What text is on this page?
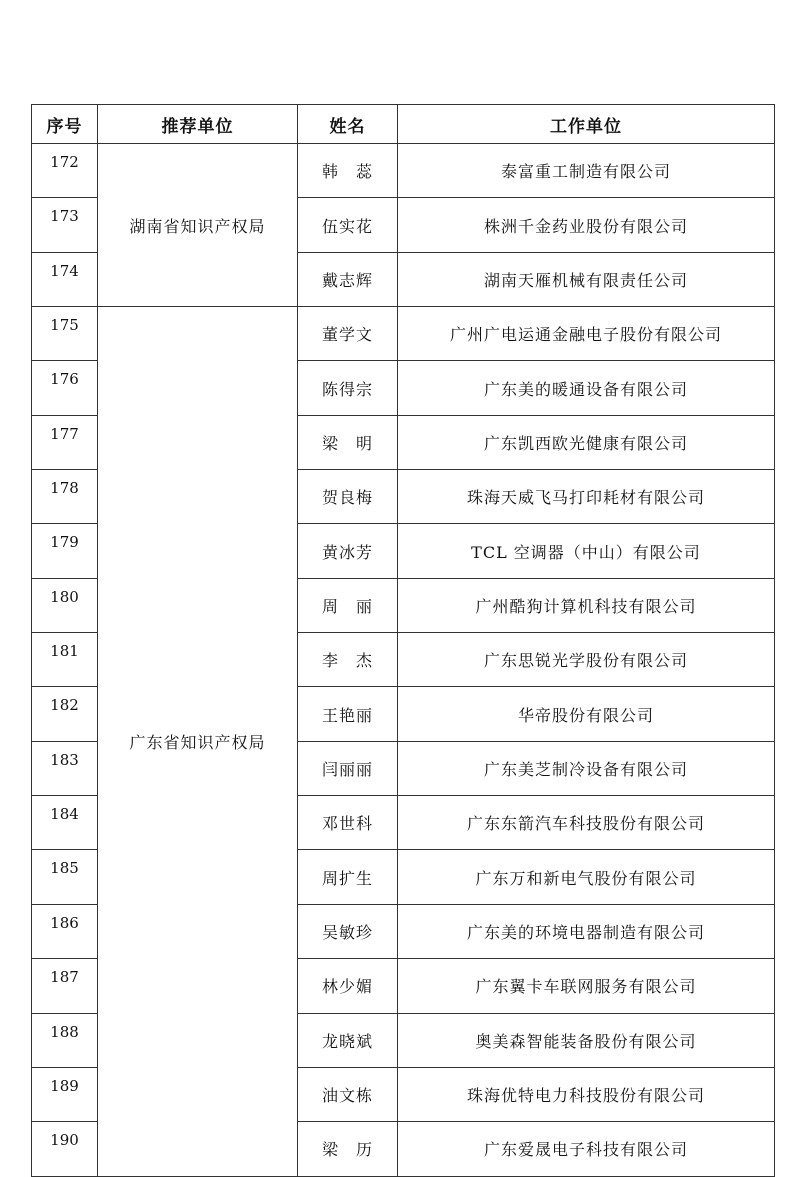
序号	推荐单位	姓名	工作单位
172	湖南省知识产权局	韩　蕊	泰富重工制造有限公司
173		伍实花	株洲千金药业股份有限公司
174		戴志辉	湖南天雁机械有限责任公司
175	广东省知识产权局	董学文	广州广电运通金融电子股份有限公司
176		陈得宗	广东美的暖通设备有限公司
177		梁　明	广东凯西欧光健康有限公司
178		贺良梅	珠海天威飞马打印耗材有限公司
179		黄冰芳	TCL 空调器（中山）有限公司
180		周　丽	广州酷狗计算机科技有限公司
181		李　杰	广东思锐光学股份有限公司
182		王艳丽	华帝股份有限公司
183		闫丽丽	广东美芝制冷设备有限公司
184		邓世科	广东东箭汽车科技股份有限公司
185		周扩生	广东万和新电气股份有限公司
186		吴敏珍	广东美的环境电器制造有限公司
187		林少媚	广东翼卡车联网服务有限公司
188		龙晓斌	奥美森智能装备股份有限公司
189		油文栋	珠海优特电力科技股份有限公司
190		梁　历	广东爱晟电子科技有限公司
